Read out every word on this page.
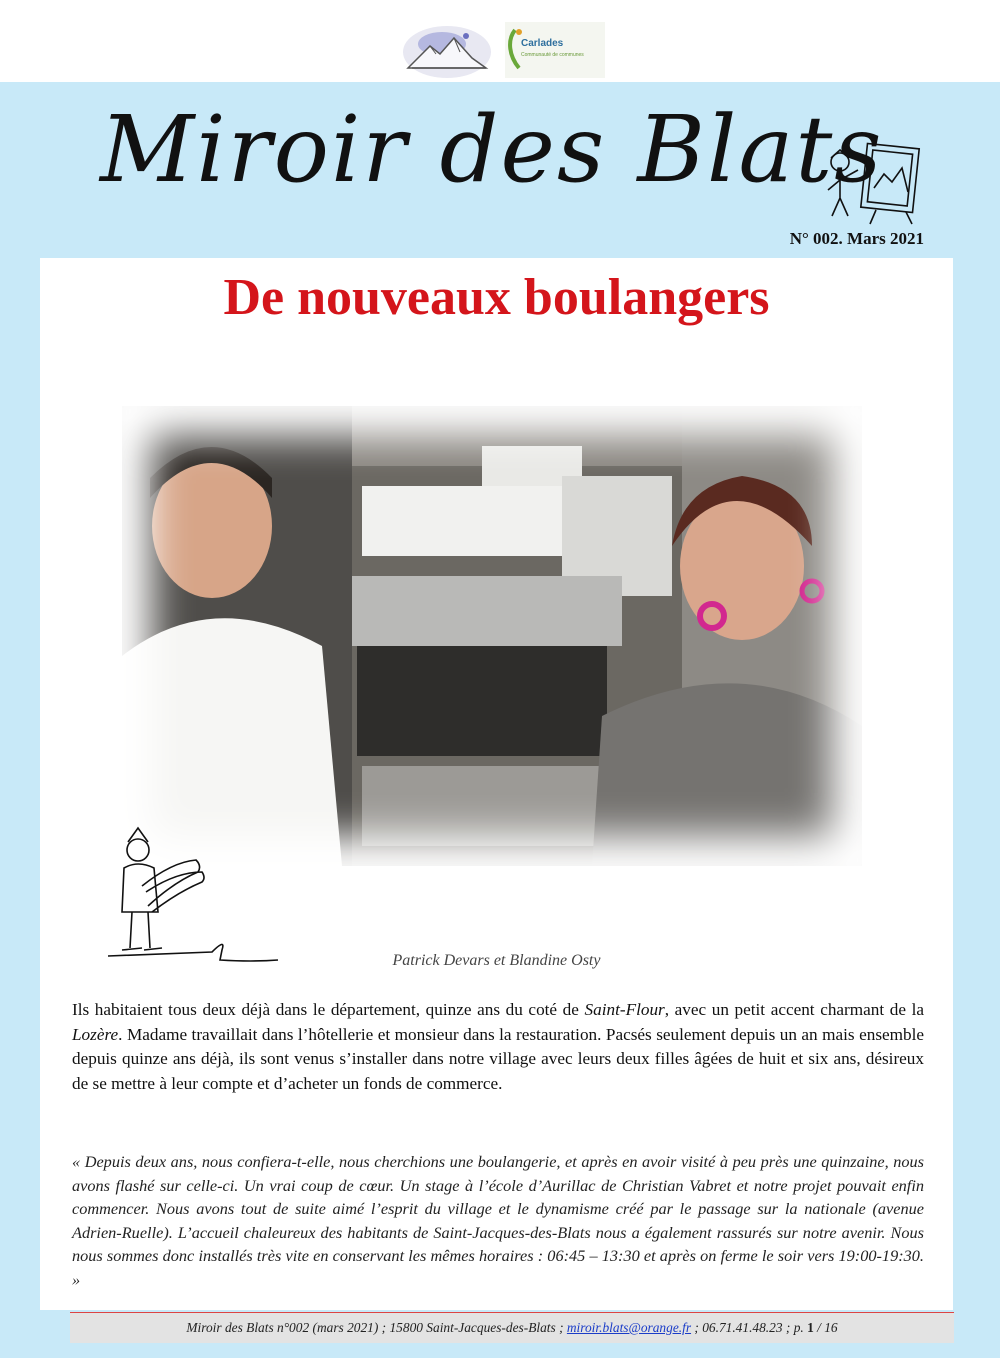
Carlades
Communauté de communes
Miroir des Blats
N° 002. Mars 2021
De nouveaux boulangers
Patrick Devars et Blandine Osty

Ils habitaient tous deux déjà dans le département, quinze ans du coté de Saint-Flour, avec un petit accent charmant de la Lozère. Madame travaillait dans l’hôtellerie et monsieur dans la restauration. Pacsés seulement depuis un an mais ensemble depuis quinze ans déjà, ils sont venus s’installer dans notre village avec leurs deux filles âgées de huit et six ans, désireux de se mettre à leur compte et d’acheter un fonds de commerce.

« Depuis deux ans, nous confiera-t-elle, nous cherchions une boulangerie, et après en avoir visité à peu près une quinzaine, nous avons flashé sur celle-ci. Un vrai coup de cœur. Un stage à l’école d’Aurillac de Christian Vabret et notre projet pouvait enfin commencer. Nous avons tout de suite aimé l’esprit du village et le dynamisme créé par le passage sur la nationale (avenue Adrien-Ruelle). L’accueil chaleureux des habitants de Saint-Jacques-des-Blats nous a également rassurés sur notre avenir. Nous nous sommes donc installés très vite en conservant les mêmes horaires : 06:45 – 13:30 et après on ferme le soir vers 19:00-19:30. »

Miroir des Blats n°002 (mars 2021) ; 15800 Saint-Jacques-des-Blats ; miroir.blats@orange.fr ; 06.71.41.48.23 ; p. 1 / 16
